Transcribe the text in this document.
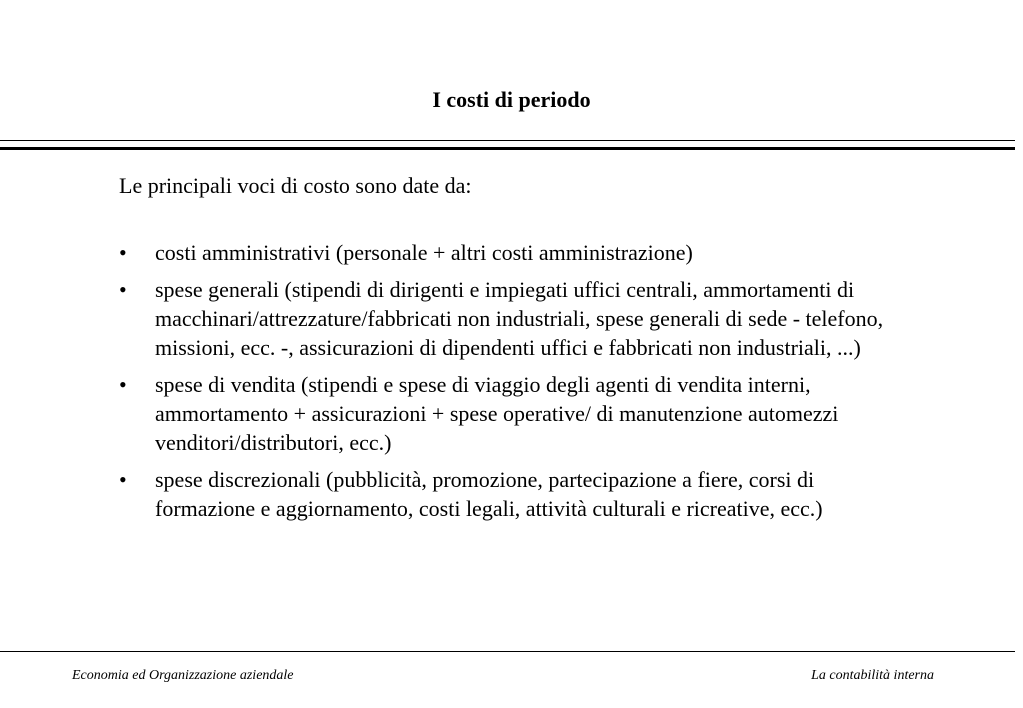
I costi di periodo
Le principali voci di costo sono date da:
• costi amministrativi (personale + altri costi amministrazione)
• spese generali (stipendi di dirigenti e impiegati uffici centrali, ammortamenti di macchinari/attrezzature/fabbricati non industriali, spese generali di sede - telefono, missioni, ecc. -, assicurazioni di dipendenti uffici e fabbricati non industriali, ...)
• spese di vendita (stipendi e spese di viaggio degli agenti di vendita interni, ammortamento + assicurazioni + spese operative/ di manutenzione automezzi venditori/distributori, ecc.)
• spese discrezionali (pubblicità, promozione, partecipazione a fiere, corsi di formazione e aggiornamento, costi legali, attività culturali e ricreative, ecc.)
Economia ed Organizzazione aziendale	La contabilità interna
